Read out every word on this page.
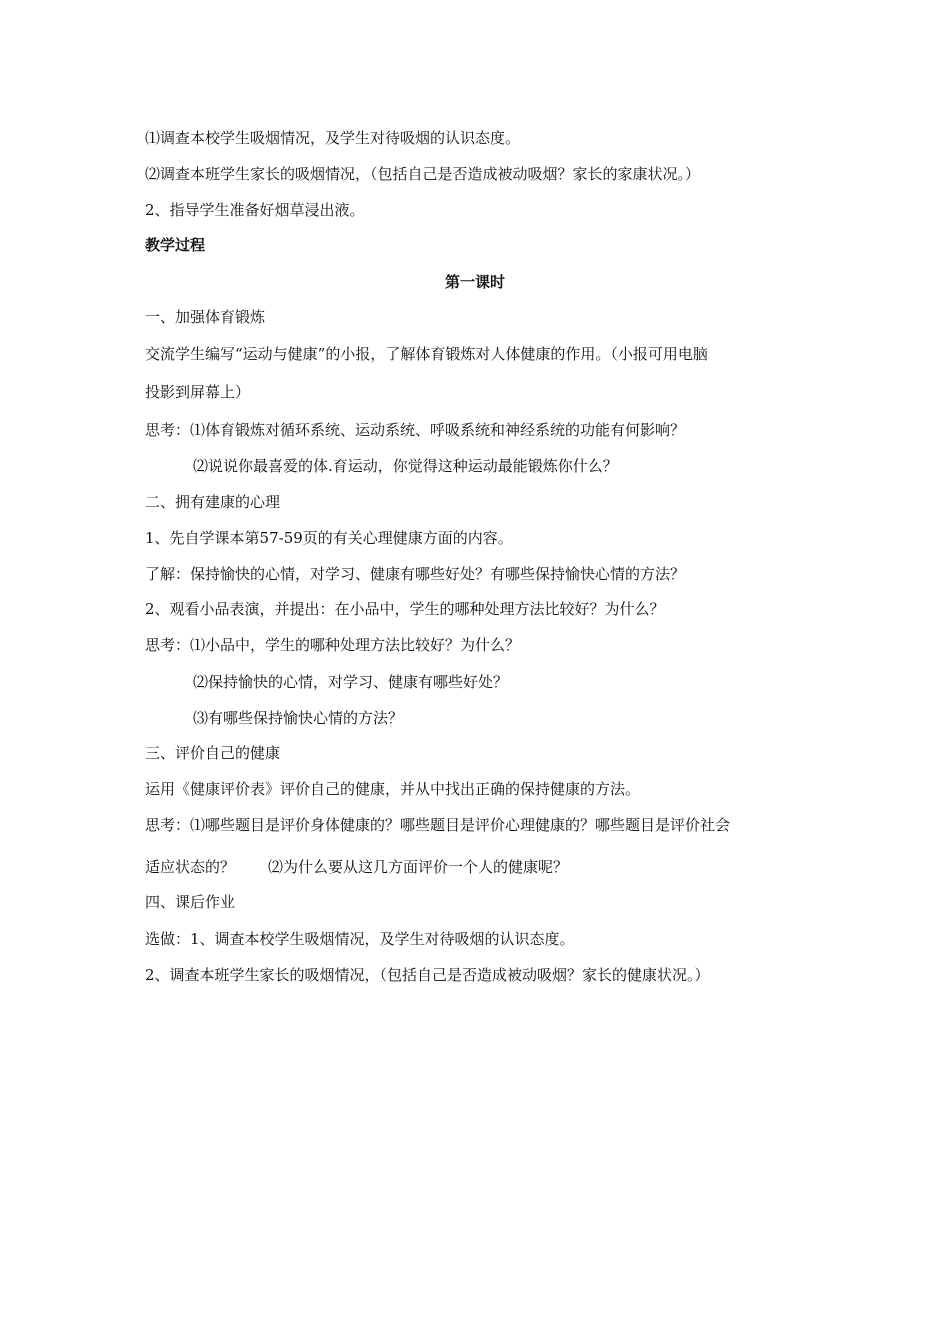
⑴调查本校学生吸烟情况，及学生对待吸烟的认识态度。
⑵调查本班学生家长的吸烟情况，（包括自己是否造成被动吸烟？家长的家康状况。）
2、指导学生准备好烟草浸出液。
教学过程
第一课时
一、加强体育锻炼
交流学生编写“运动与健康”的小报，了解体育锻炼对人体健康的作用。（小报可用电脑
投影到屏幕上）
思考：⑴体育锻炼对循环系统、运动系统、呼吸系统和神经系统的功能有何影响？
⑵说说你最喜爱的体.育运动，你觉得这种运动最能锻炼你什么？
二、拥有建康的心理
1、先自学课本第57-59页的有关心理健康方面的内容。
了解：保持愉快的心情，对学习、健康有哪些好处？有哪些保持愉快心情的方法？
2、观看小品表演，并提出：在小品中，学生的哪种处理方法比较好？为什么？
思考：⑴小品中，学生的哪种处理方法比较好？为什么？
⑵保持愉快的心情，对学习、健康有哪些好处？
⑶有哪些保持愉快心情的方法？
三、评价自己的健康
运用《健康评价表》评价自己的健康，并从中找出正确的保持健康的方法。
思考：⑴哪些题目是评价身体健康的？哪些题目是评价心理健康的？哪些题目是评价社会
适应状态的？ ⑵为什么要从这几方面评价一个人的健康呢？
四、课后作业
选做：1、调查本校学生吸烟情况，及学生对待吸烟的认识态度。
2、调查本班学生家长的吸烟情况，（包括自己是否造成被动吸烟？家长的健康状况。）
